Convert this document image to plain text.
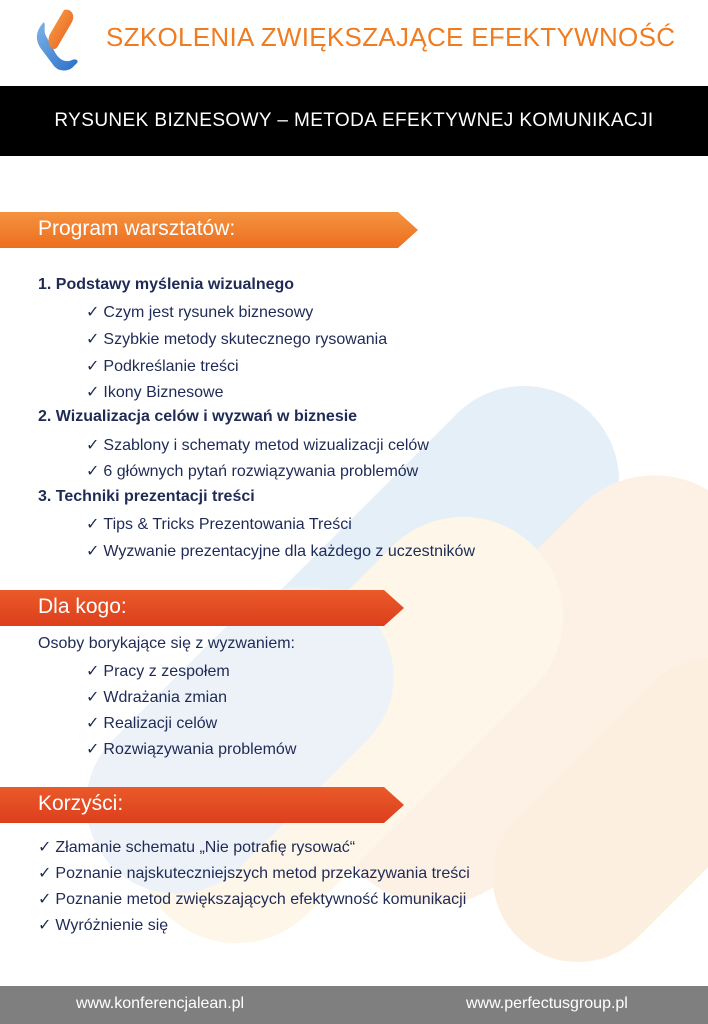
SZKOLENIA ZWIĘKSZAJĄCE EFEKTYWNOŚĆ
RYSUNEK BIZNESOWY – METODA EFEKTYWNEJ KOMUNIKACJI
Program warsztatów:
Dla kogo:
Korzyści:
1. Podstawy myślenia wizualnego
✓ Czym jest rysunek biznesowy
✓ Szybkie metody skutecznego rysowania
✓ Podkreślanie treści
✓ Ikony Biznesowe
2. Wizualizacja celów i wyzwań w biznesie
✓ Szablony i schematy metod wizualizacji celów
✓ 6 głównych pytań rozwiązywania problemów
3. Techniki prezentacji treści
✓ Tips & Tricks Prezentowania Treści
✓ Wyzwanie prezentacyjne dla każdego z uczestników
Osoby borykające się z wyzwaniem:
✓ Pracy z zespołem
✓ Wdrażania zmian
✓ Realizacji celów
✓ Rozwiązywania problemów
✓ Złamanie schematu „Nie potrafię rysować“
✓ Poznanie najskuteczniejszych metod przekazywania treści
✓ Poznanie metod zwiększających efektywność komunikacji
✓ Wyróżnienie się
www.konferencjalean.pl	www.perfectusgroup.pl
